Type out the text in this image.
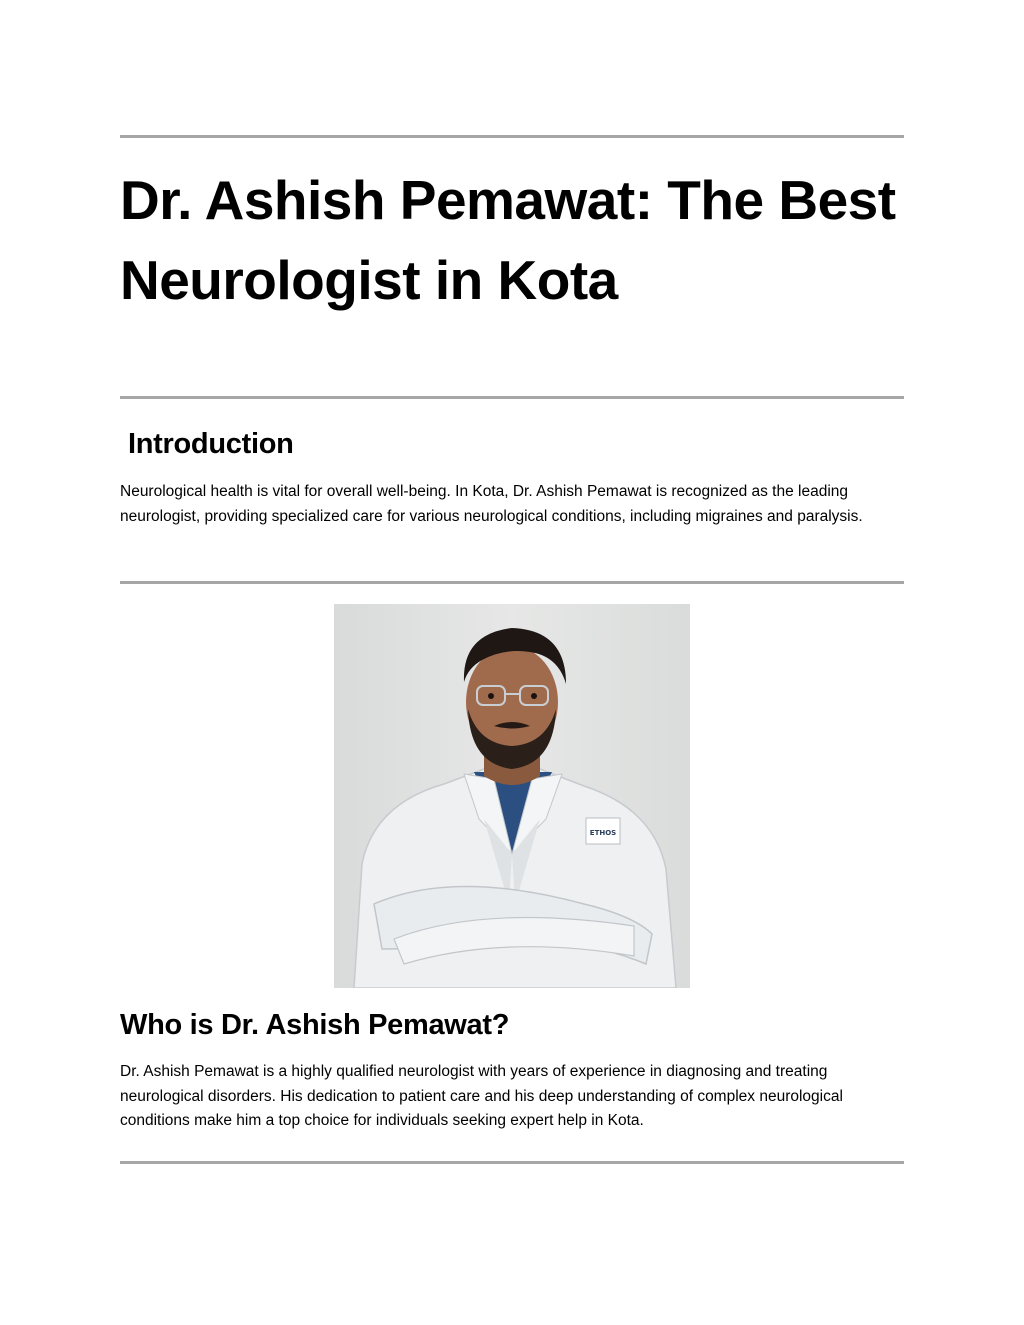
Dr. Ashish Pemawat: The Best Neurologist in Kota
Introduction

Neurological health is vital for overall well-being. In Kota, Dr. Ashish Pemawat is recognized as the leading neurologist, providing specialized care for various neurological conditions, including migraines and paralysis.

ETHOS
Who is Dr. Ashish Pemawat?

Dr. Ashish Pemawat is a highly qualified neurologist with years of experience in diagnosing and treating neurological disorders. His dedication to patient care and his deep understanding of complex neurological conditions make him a top choice for individuals seeking expert help in Kota.
